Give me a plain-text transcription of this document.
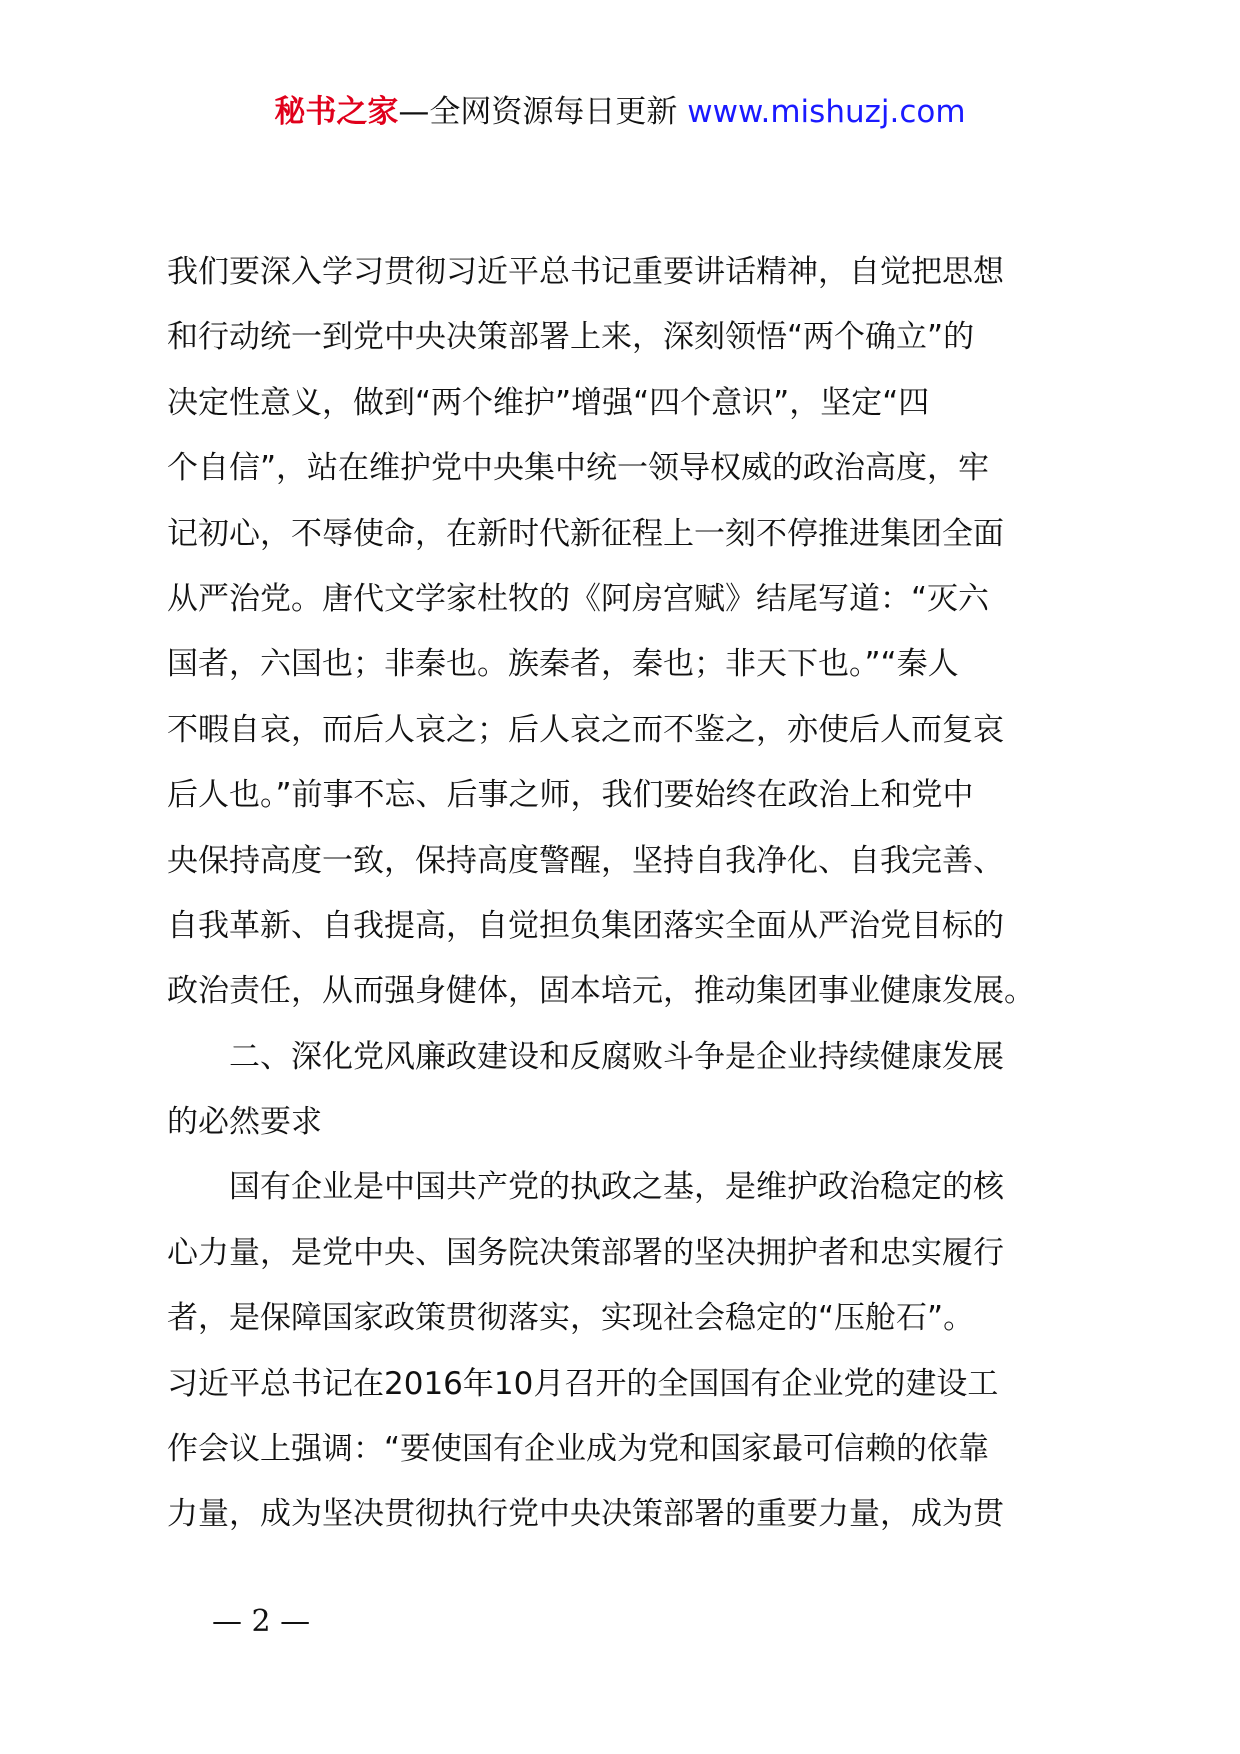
秘书之家—全网资源每日更新 www.mishuzj.com
我们要深入学习贯彻习近平总书记重要讲话精神，自觉把思想
和行动统一到党中央决策部署上来，深刻领悟“两个确立”的
决定性意义，做到“两个维护”增强“四个意识”，坚定“四
个自信”，站在维护党中央集中统一领导权威的政治高度，牢
记初心，不辱使命，在新时代新征程上一刻不停推进集团全面
从严治党。唐代文学家杜牧的《阿房宫赋》结尾写道：“灭六
国者，六国也；非秦也。族秦者，秦也；非天下也。”“秦人
不暇自哀，而后人哀之；后人哀之而不鉴之，亦使后人而复哀
后人也。”前事不忘、后事之师，我们要始终在政治上和党中
央保持高度一致，保持高度警醒，坚持自我净化、自我完善、
自我革新、自我提高，自觉担负集团落实全面从严治党目标的
政治责任，从而强身健体，固本培元，推动集团事业健康发展。
二、深化党风廉政建设和反腐败斗争是企业持续健康发展
的必然要求
国有企业是中国共产党的执政之基，是维护政治稳定的核
心力量，是党中央、国务院决策部署的坚决拥护者和忠实履行
者，是保障国家政策贯彻落实，实现社会稳定的“压舱石”。
习近平总书记在2016年10月召开的全国国有企业党的建设工
作会议上强调：“要使国有企业成为党和国家最可信赖的依靠
力量，成为坚决贯彻执行党中央决策部署的重要力量，成为贯
— 2 —
